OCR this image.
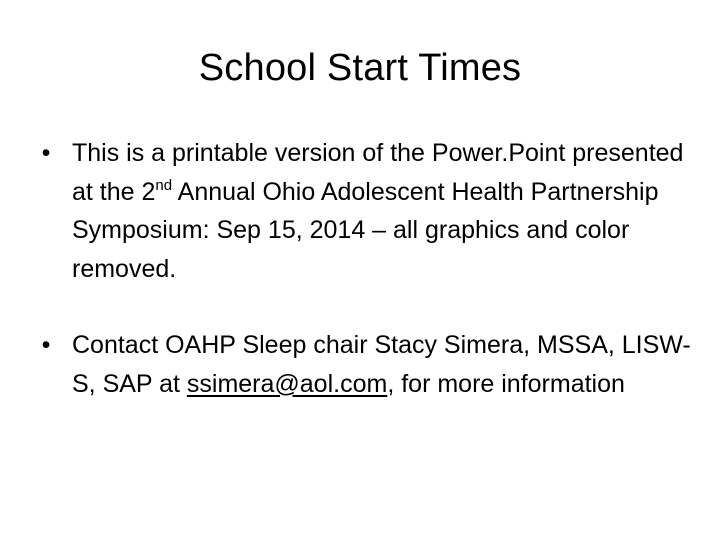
School Start Times
• This is a printable version of the Power.Point presented at the 2nd Annual Ohio Adolescent Health Partnership Symposium: Sep 15, 2014 – all graphics and color removed.
• Contact OAHP Sleep chair Stacy Simera, MSSA, LISW-S, SAP at ssimera@aol.com, for more information
